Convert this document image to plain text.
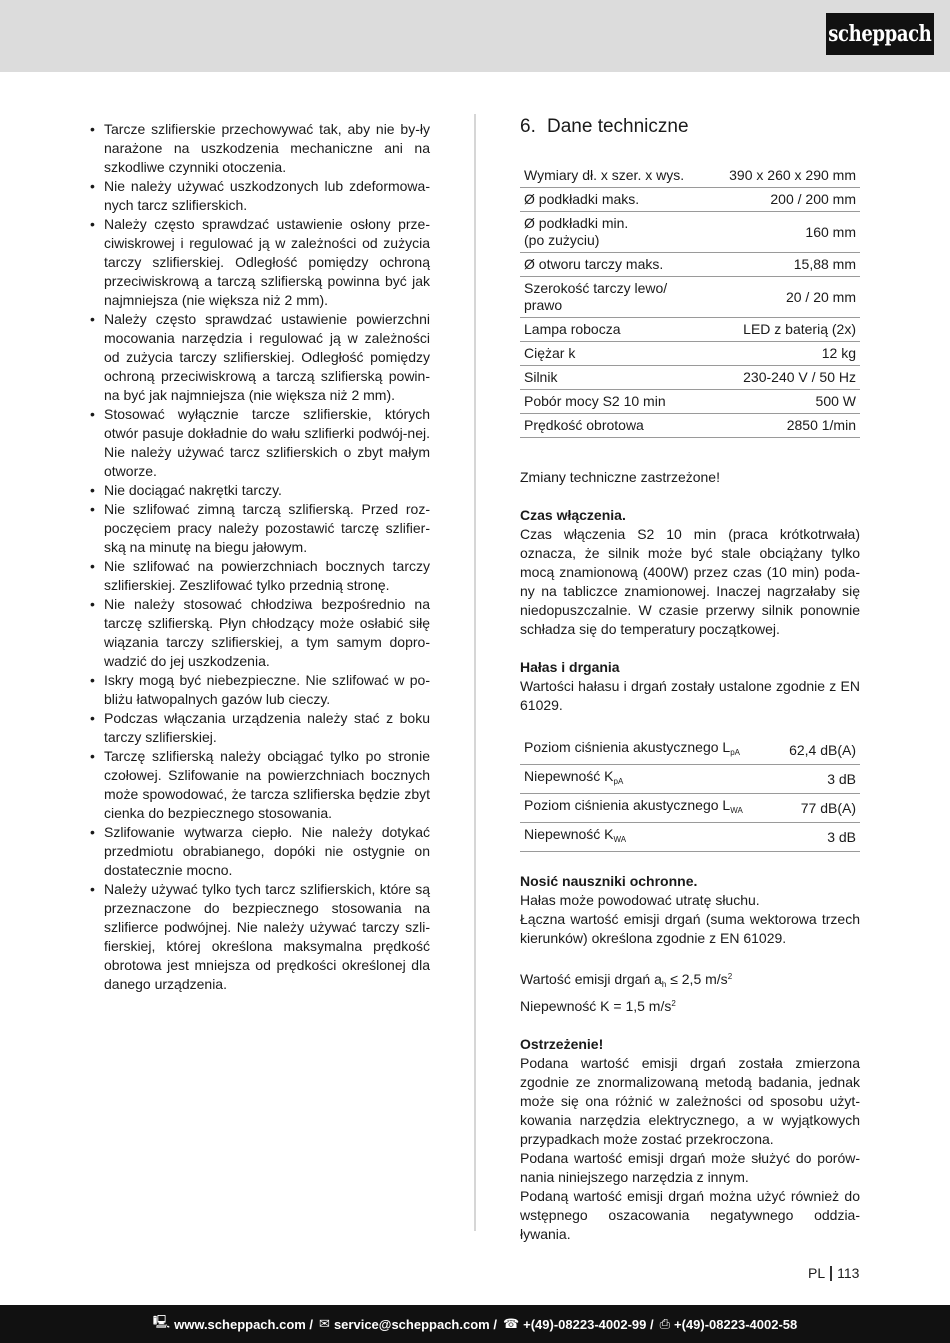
scheppach
• Tarcze szlifierskie przechowywać tak, aby nie by-ły narażone na uszkodzenia mechaniczne ani na szkodliwe czynniki otoczenia.
• Nie należy używać uszkodzonych lub zdeformowa-nych tarcz szlifierskich.
• Należy często sprawdzać ustawienie osłony prze-ciwiskrowej i regulować ją w zależności od zużycia tarczy szlifierskiej. Odległość pomiędzy ochroną przeciwiskrową a tarczą szlifierską powinna być jak najmniejsza (nie większa niż 2 mm).
• Należy często sprawdzać ustawienie powierzchni mocowania narzędzia i regulować ją w zależności od zużycia tarczy szlifierskiej. Odległość pomiędzy ochroną przeciwiskrową a tarczą szlifierską powin-na być jak najmniejsza (nie większa niż 2 mm).
• Stosować wyłącznie tarcze szlifierskie, których otwór pasuje dokładnie do wału szlifierki podwój-nej. Nie należy używać tarcz szlifierskich o zbyt małym otworze.
• Nie dociągać nakrętki tarczy.
• Nie szlifować zimną tarczą szlifierską. Przed roz-poczęciem pracy należy pozostawić tarczę szlifier-ską na minutę na biegu jałowym.
• Nie szlifować na powierzchniach bocznych tarczy szlifierskiej. Zeszlifować tylko przednią stronę.
• Nie należy stosować chłodziwa bezpośrednio na tarczę szlifierską. Płyn chłodzący może osłabić siłę wiązania tarczy szlifierskiej, a tym samym dopro-wadzić do jej uszkodzenia.
• Iskry mogą być niebezpieczne. Nie szlifować w po-bliżu łatwopalnych gazów lub cieczy.
• Podczas włączania urządzenia należy stać z boku tarczy szlifierskiej.
• Tarczę szlifierską należy obciągać tylko po stronie czołowej. Szlifowanie na powierzchniach bocznych może spowodować, że tarcza szlifierska będzie zbyt cienka do bezpiecznego stosowania.
• Szlifowanie wytwarza ciepło. Nie należy dotykać przedmiotu obrabianego, dopóki nie ostygnie on dostatecznie mocno.
• Należy używać tylko tych tarcz szlifierskich, które są przeznaczone do bezpiecznego stosowania na szlifierce podwójnej. Nie należy używać tarczy szli-fierskiej, której określona maksymalna prędkość obrotowa jest mniejsza od prędkości określonej dla danego urządzenia.
6. Dane techniczne
Wymiary dł. x szer. x wys.	390 x 260 x 290 mm
Ø podkładki maks.	200 / 200 mm
Ø podkładki min.
(po zużyciu)	160 mm
Ø otworu tarczy maks.	15,88 mm
Szerokość tarczy lewo/
prawo	20 / 20 mm
Lampa robocza	LED z baterią (2x)
Ciężar k	12 kg
Silnik	230-240 V / 50 Hz
Pobór mocy S2 10 min	500 W
Prędkość obrotowa	2850 1/min

Zmiany techniczne zastrzeżone!

Czas włączenia.

Czas włączenia S2 10 min (praca krótkotrwała) oznacza, że silnik może być stale obciążany tylko mocą znamionową (400W) przez czas (10 min) poda-ny na tabliczce znamionowej. Inaczej nagrzałaby się niedopuszczalnie. W czasie przerwy silnik ponownie schładza się do temperatury początkowej.

Hałas i drgania

Wartości hałasu i drgań zostały ustalone zgodnie z EN 61029.

Poziom ciśnienia akustycznego $L_{pA}$	62,4 dB(A)
Niepewność $K_{pA}$	3 dB
Poziom ciśnienia akustycznego $L_{WA}$	77 dB(A)
Niepewność $K_{WA}$	3 dB

Nosić nauszniki ochronne.

Hałas może powodować utratę słuchu.

Łączna wartość emisji drgań (suma wektorowa trzech kierunków) określona zgodnie z EN 61029.

Wartość emisji drgań $a_h \le 2,5$ $m/s^2$

Niepewność K = 1,5 $m/s^2$

Ostrzeżenie!

Podana wartość emisji drgań została zmierzona zgodnie ze znormalizowaną metodą badania, jednak może się ona różnić w zależności od sposobu użyt-kowania narzędzia elektrycznego, a w wyjątkowych przypadkach może zostać przekroczona.

Podana wartość emisji drgań może służyć do porów-nania niniejszego narzędzia z innym.

Podaną wartość emisji drgań można użyć również do wstępnego oszacowania negatywnego oddzia-ływania.

PL 113
🖳 www.scheppach.com / ✉ service@scheppach.com / ☎ +(49)-08223-4002-99 / ⎙ +(49)-08223-4002-58
